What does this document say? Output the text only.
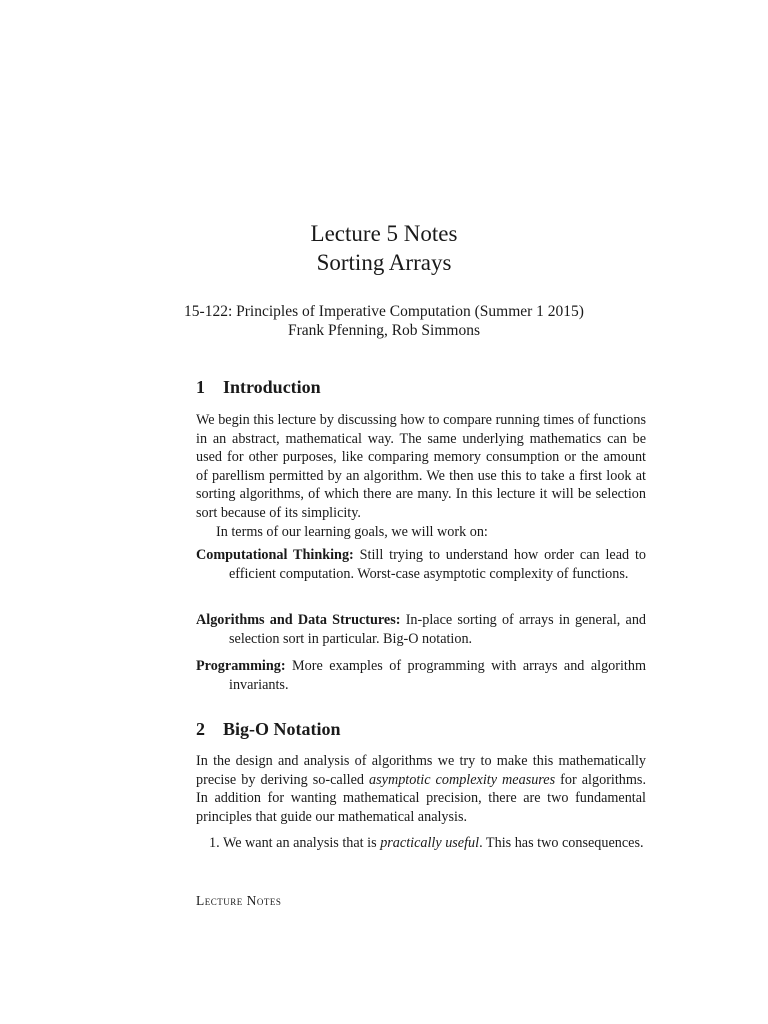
Lecture 5 Notes
Sorting Arrays
15-122: Principles of Imperative Computation (Summer 1 2015)
Frank Pfenning, Rob Simmons
1 Introduction

We begin this lecture by discussing how to compare running times of functions in an abstract, mathematical way. The same underlying mathematics can be used for other purposes, like comparing memory consumption or the amount of parellism permitted by an algorithm. We then use this to take a first look at sorting algorithms, of which there are many. In this lecture it will be selection sort because of its simplicity.

In terms of our learning goals, we will work on:

Computational Thinking: Still trying to understand how order can lead to efficient computation. Worst-case asymptotic complexity of functions.

Algorithms and Data Structures: In-place sorting of arrays in general, and selection sort in particular. Big-O notation.

Programming: More examples of programming with arrays and algorithm invariants.

2 Big-O Notation

In the design and analysis of algorithms we try to make this mathematically precise by deriving so-called asymptotic complexity measures for algorithms. In addition for wanting mathematical precision, there are two fundamental principles that guide our mathematical analysis.

1. We want an analysis that is practically useful. This has two consequences.

Lecture Notes
